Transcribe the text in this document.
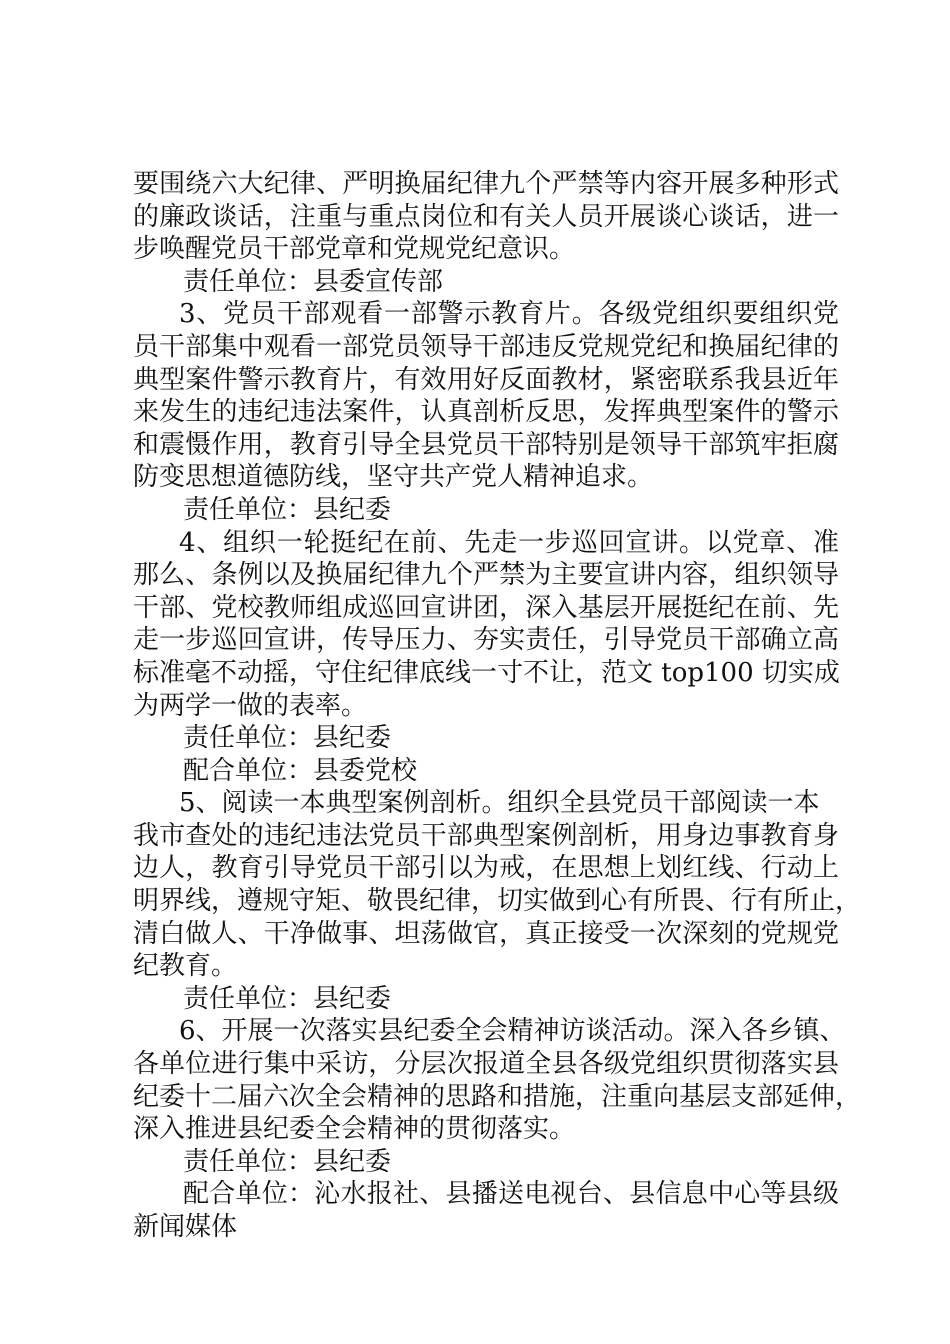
要围绕六大纪律、严明换届纪律九个严禁等内容开展多种形式
的廉政谈话，注重与重点岗位和有关人员开展谈心谈话，进一
步唤醒党员干部党章和党规党纪意识。
责任单位：县委宣传部
3、党员干部观看一部警示教育片。各级党组织要组织党
员干部集中观看一部党员领导干部违反党规党纪和换届纪律的
典型案件警示教育片，有效用好反面教材，紧密联系我县近年
来发生的违纪违法案件，认真剖析反思，发挥典型案件的警示
和震慑作用，教育引导全县党员干部特别是领导干部筑牢拒腐
防变思想道德防线，坚守共产党人精神追求。
责任单位：县纪委
4、组织一轮挺纪在前、先走一步巡回宣讲。以党章、准
那么、条例以及换届纪律九个严禁为主要宣讲内容，组织领导
干部、党校教师组成巡回宣讲团，深入基层开展挺纪在前、先
走一步巡回宣讲，传导压力、夯实责任，引导党员干部确立高
标准毫不动摇，守住纪律底线一寸不让，范文 top100 切实成
为两学一做的表率。
责任单位：县纪委
配合单位：县委党校
5、阅读一本典型案例剖析。组织全县党员干部阅读一本
我市查处的违纪违法党员干部典型案例剖析，用身边事教育身
边人，教育引导党员干部引以为戒，在思想上划红线、行动上
明界线，遵规守矩、敬畏纪律，切实做到心有所畏、行有所止，
清白做人、干净做事、坦荡做官，真正接受一次深刻的党规党
纪教育。
责任单位：县纪委
6、开展一次落实县纪委全会精神访谈活动。深入各乡镇、
各单位进行集中采访，分层次报道全县各级党组织贯彻落实县
纪委十二届六次全会精神的思路和措施，注重向基层支部延伸，
深入推进县纪委全会精神的贯彻落实。
责任单位：县纪委
配合单位：沁水报社、县播送电视台、县信息中心等县级
新闻媒体
